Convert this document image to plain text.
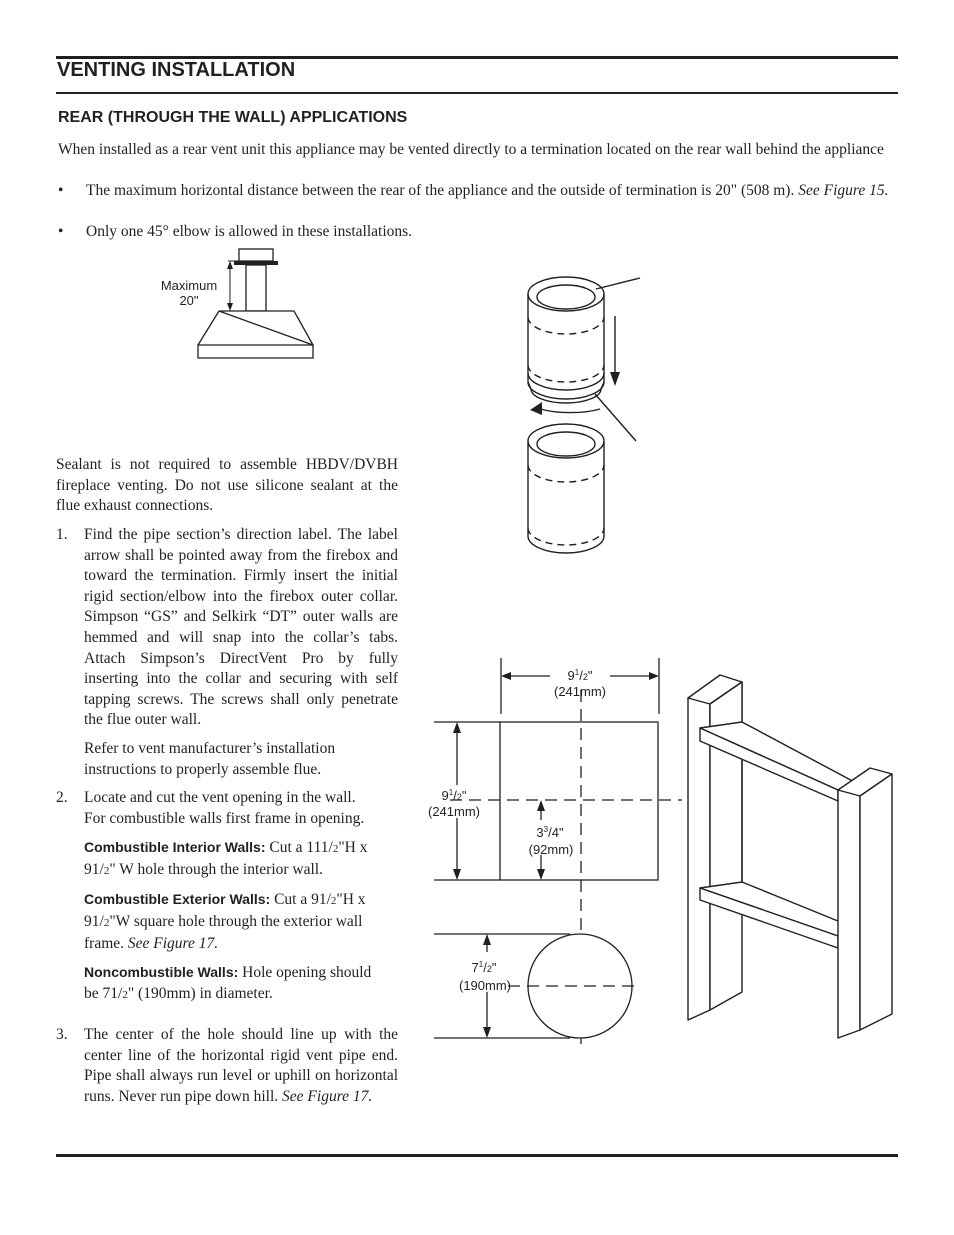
VENTING INSTALLATION
REAR (THROUGH THE WALL) APPLICATIONS
When installed as a rear vent unit this appliance may be vented directly to a termination located on the rear wall behind the appliance
• The maximum horizontal distance between the rear of the appliance and the outside of termination is 20" (508 m). See Figure 15.
• Only one 45° elbow is allowed in these installations.
Maximum
20"
Sealant is not required to assemble HBDV/DVBH fireplace venting. Do not use silicone sealant at the flue exhaust connections.
1. Find the pipe section’s direction label. The label arrow shall be pointed away from the firebox and toward the termination. Firmly insert the initial rigid section/elbow into the firebox outer collar. Simpson “GS” and Selkirk “DT” outer walls are hemmed and will snap into the collar’s tabs. Attach Simpson’s DirectVent Pro by fully inserting into the collar and securing with self tapping screws. The screws shall only penetrate the flue outer wall.
Refer to vent manufacturer’s installation instructions to properly assemble flue.
2. Locate and cut the vent opening in the wall. For combustible walls first frame in opening.
Combustible Interior Walls: Cut a 111/2"H x 91/2" W hole through the interior wall.
Combustible Exterior Walls: Cut a 91/2"H x 91/2"W square hole through the exterior wall frame. See Figure 17.
Noncombustible Walls: Hole opening should be 71/2" (190mm) in diameter.
3. The center of the hole should line up with the center line of the horizontal rigid vent pipe end. Pipe shall always run level or uphill on horizontal runs. Never run pipe down hill. See Figure 17.
$9^1/2$"
(241mm)
$9^1/2$"
(241mm)
$3^3/4$"
(92mm)
$7^1/2$"
(190mm)
